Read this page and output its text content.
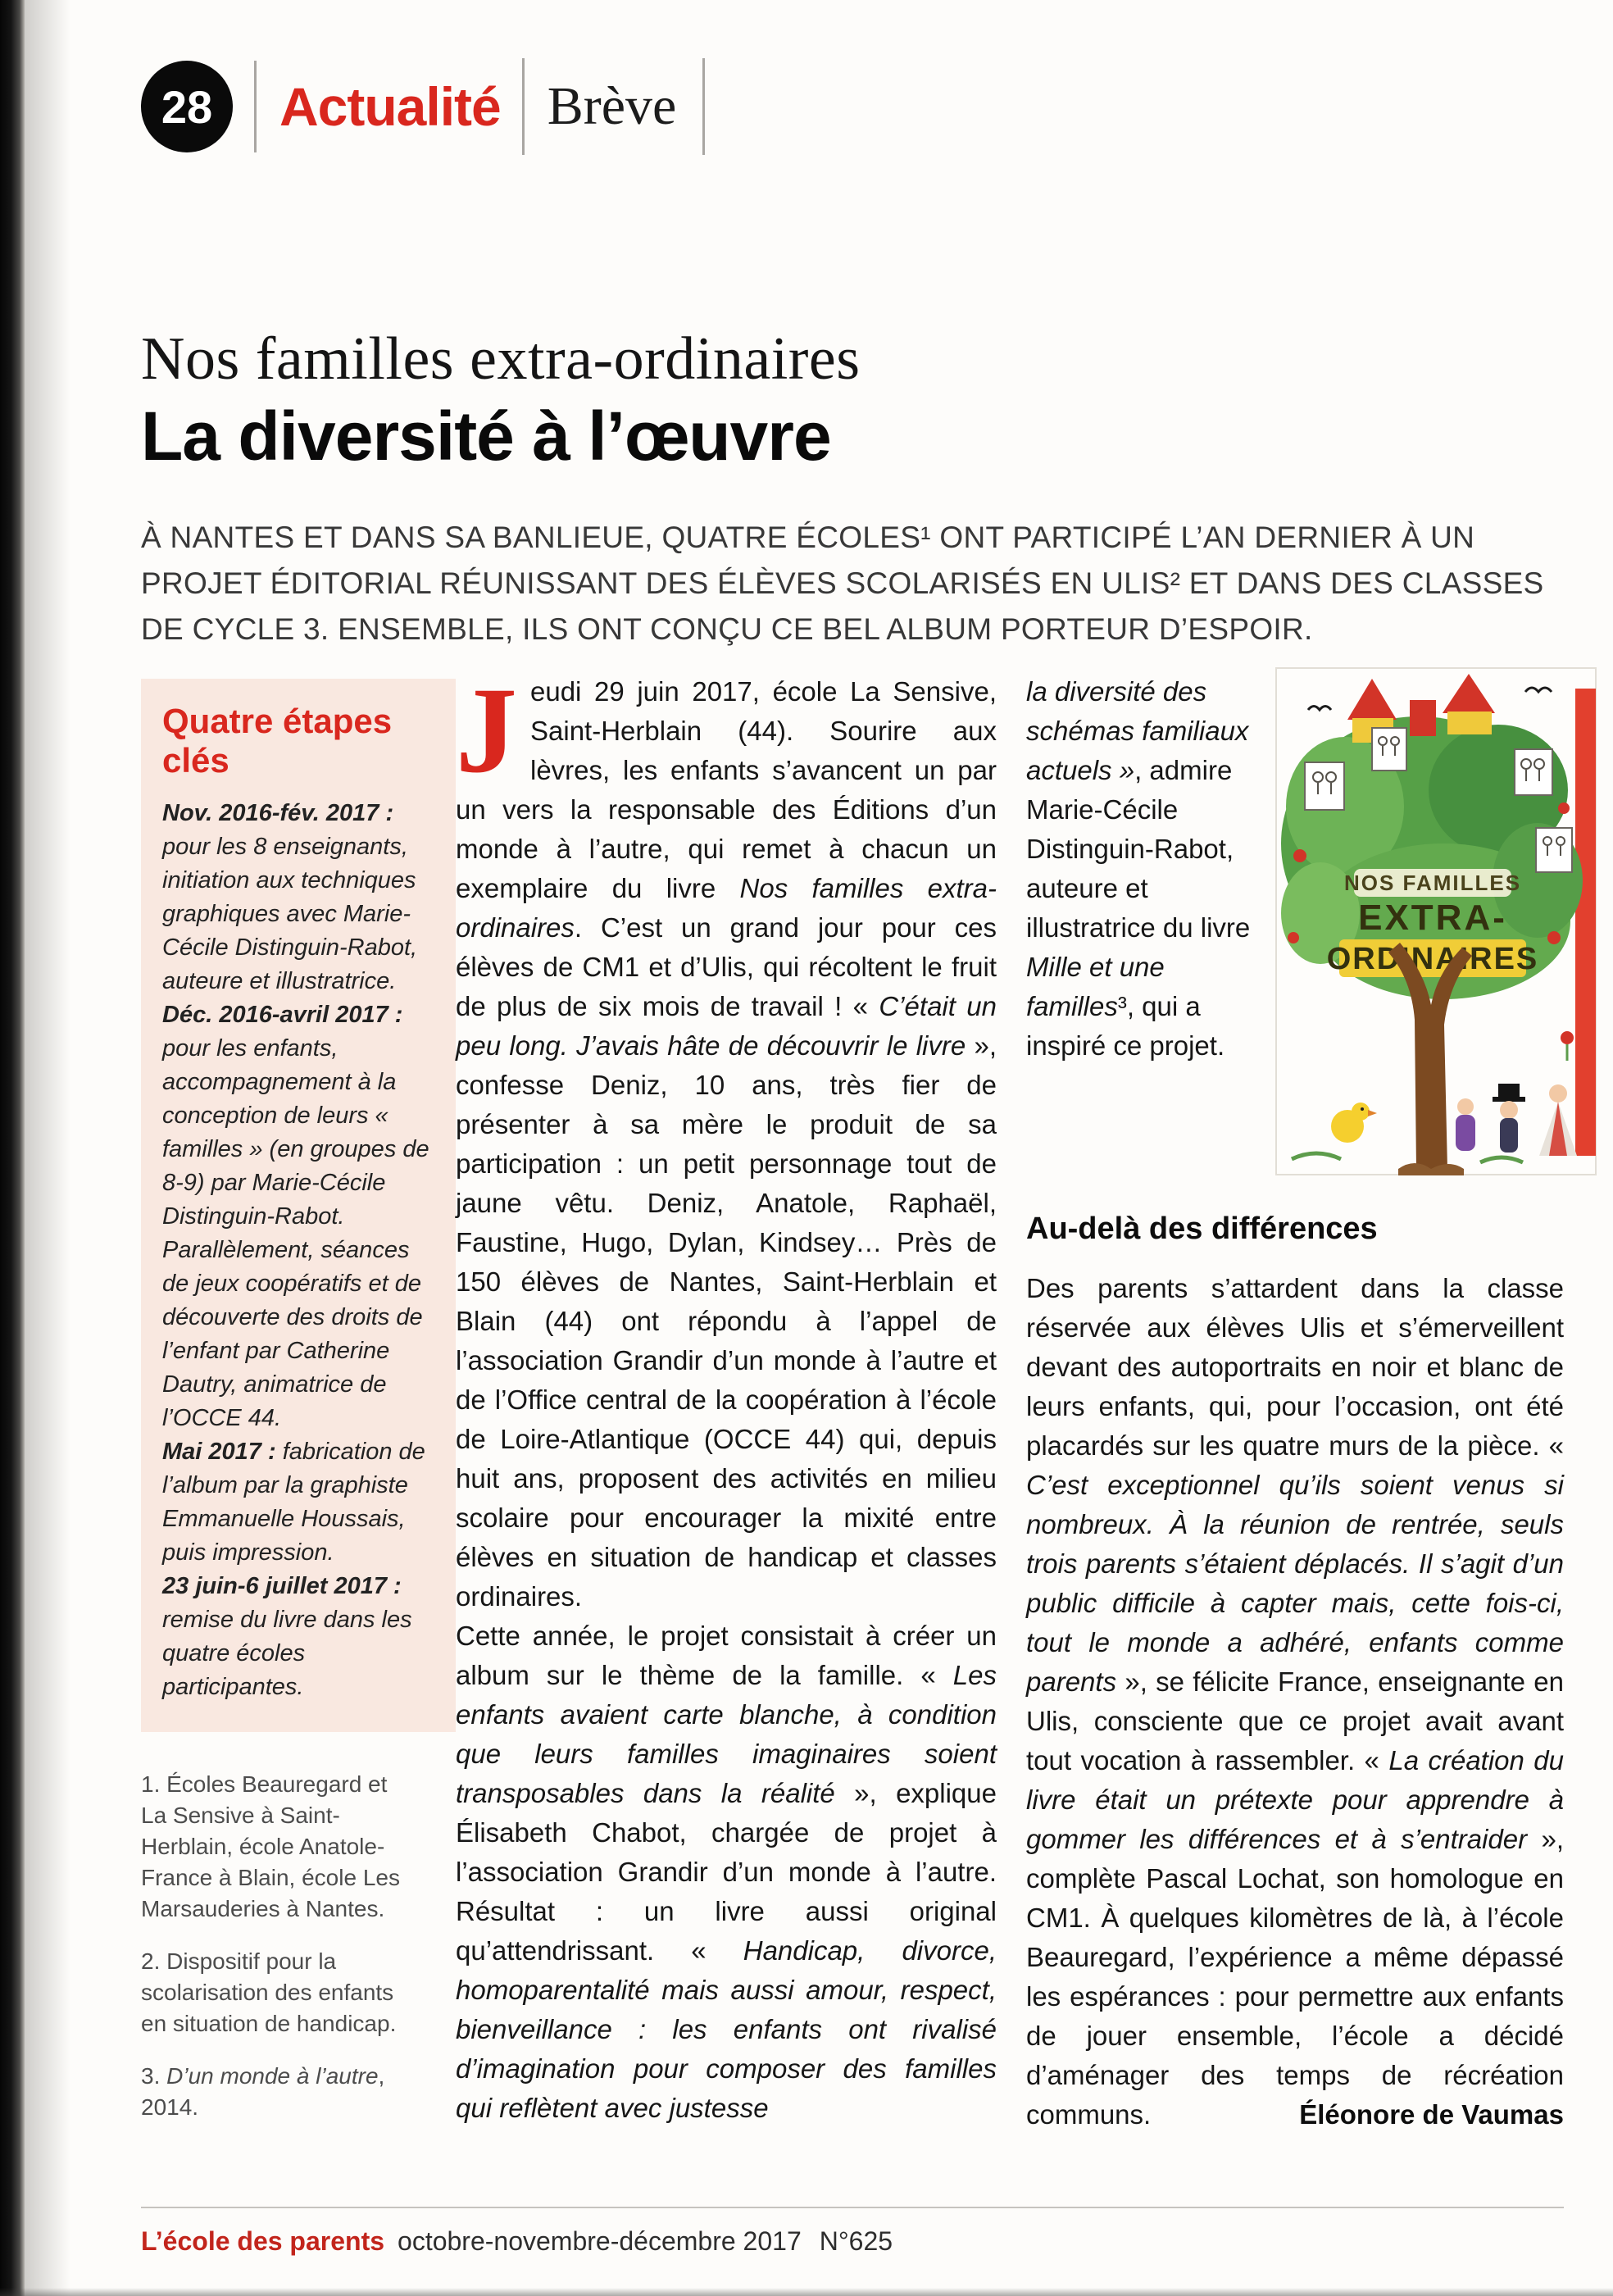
28 Actualité Brève
Nos familles extra-ordinaires
La diversité à l’œuvre
À NANTES ET DANS SA BANLIEUE, QUATRE ÉCOLES¹ ONT PARTICIPÉ L’AN DERNIER À UN PROJET ÉDITORIAL RÉUNISSANT DES ÉLÈVES SCOLARISÉS EN ULIS² ET DANS DES CLASSES DE CYCLE 3. ENSEMBLE, ILS ONT CONÇU CE BEL ALBUM PORTEUR D’ESPOIR.
Quatre étapes clés

Nov. 2016-fév. 2017 : pour les 8 enseignants, initiation aux techniques graphiques avec Marie-Cécile Distinguin-Rabot, auteure et illustratrice.

Déc. 2016-avril 2017 : pour les enfants, accompagnement à la conception de leurs « familles » (en groupes de 8-9) par Marie-Cécile Distinguin-Rabot. Parallèlement, séances de jeux coopératifs et de découverte des droits de l’enfant par Catherine Dautry, animatrice de l’OCCE 44.

Mai 2017 : fabrication de l’album par la graphiste Emmanuelle Houssais, puis impression.

23 juin-6 juillet 2017 : remise du livre dans les quatre écoles participantes.

1. Écoles Beauregard et La Sensive à Saint-Herblain, école Anatole-France à Blain, école Les Marsauderies à Nantes.

2. Dispositif pour la scolarisation des enfants en situation de handicap.

3. D’un monde à l’autre, 2014.

J eudi 29 juin 2017, école La Sensive, Saint-Herblain (44). Sourire aux lèvres, les enfants s’avancent un par un vers la responsable des Éditions d’un monde à l’autre, qui remet à chacun un exemplaire du livre Nos familles extra-ordinaires. C’est un grand jour pour ces élèves de CM1 et d’Ulis, qui récoltent le fruit de plus de six mois de travail ! « C’était un peu long. J’avais hâte de découvrir le livre », confesse Deniz, 10 ans, très fier de présenter à sa mère le produit de sa participation : un petit personnage tout de jaune vêtu. Deniz, Anatole, Raphaël, Faustine, Hugo, Dylan, Kindsey… Près de 150 élèves de Nantes, Saint-Herblain et Blain (44) ont répondu à l’appel de l’association Grandir d’un monde à l’autre et de l’Office central de la coopération à l’école de Loire-Atlantique (OCCE 44) qui, depuis huit ans, proposent des activités en milieu scolaire pour encourager la mixité entre élèves en situation de handicap et classes ordinaires.

Cette année, le projet consistait à créer un album sur le thème de la famille. « Les enfants avaient carte blanche, à condition que leurs familles imaginaires soient transposables dans la réalité », explique Élisabeth Chabot, chargée de projet à l’association Grandir d’un monde à l’autre. Résultat : un livre aussi original qu’attendrissant. « Handicap, divorce, homoparentalité mais aussi amour, respect, bienveillance : les enfants ont rivalisé d’imagination pour composer des familles qui reflètent avec justesse

la diversité des schémas familiaux actuels », admire Marie-Cécile Distinguin-Rabot, auteure et illustratrice du livre Mille et une familles³, qui a inspiré ce projet.

NOS FAMILLES
EXTRA-
ORDINAIRES
Au-delà des différences

Des parents s’attardent dans la classe réservée aux élèves Ulis et s’émerveillent devant des autoportraits en noir et blanc de leurs enfants, qui, pour l’occasion, ont été placardés sur les quatre murs de la pièce. « C’est exceptionnel qu’ils soient venus si nombreux. À la réunion de rentrée, seuls trois parents s’étaient déplacés. Il s’agit d’un public difficile à capter mais, cette fois-ci, tout le monde a adhéré, enfants comme parents », se félicite France, enseignante en Ulis, consciente que ce projet avait avant tout vocation à rassembler. « La création du livre était un prétexte pour apprendre à gommer les différences et à s’entraider », complète Pascal Lochat, son homologue en CM1. À quelques kilomètres de là, à l’école Beauregard, l’expérience a même dépassé les espérances : pour permettre aux enfants de jouer ensemble, l’école a décidé d’aménager des temps de récréation communs.	Éléonore de Vaumas
L’école des parents octobre-novembre-décembre 2017 N°625
